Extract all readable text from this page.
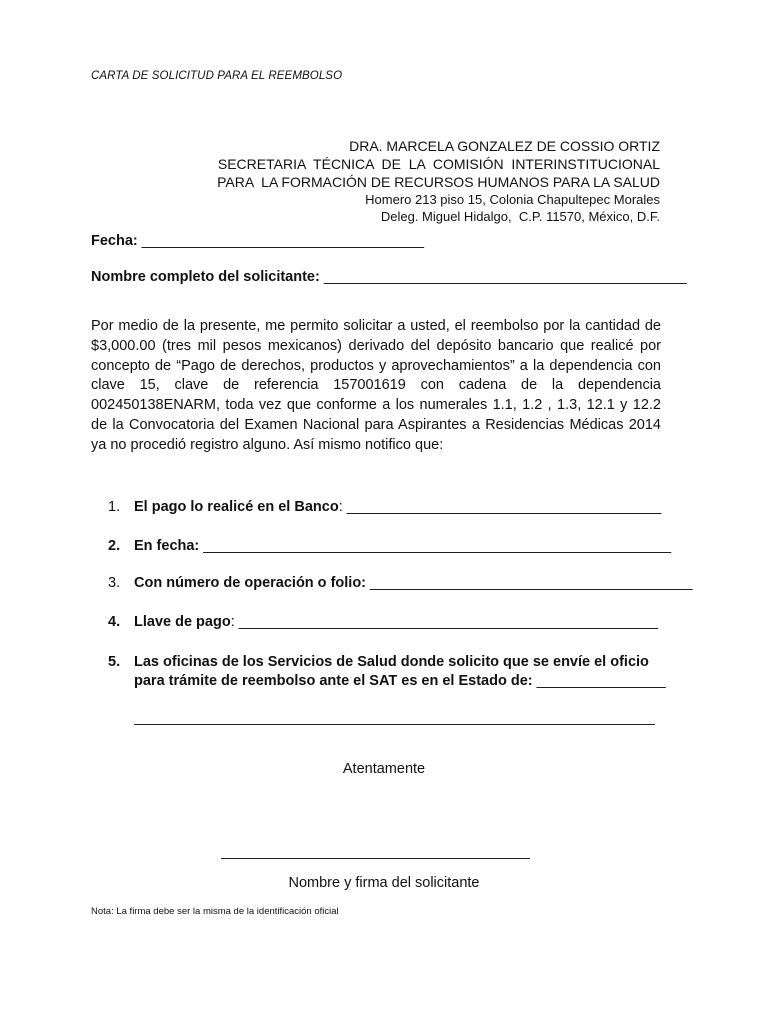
CARTA DE SOLICITUD PARA EL REEMBOLSO
DRA. MARCELA GONZALEZ DE COSSIO ORTIZ
SECRETARIA  TÉCNICA  DE  LA  COMISIÓN  INTERINSTITUCIONAL
PARA  LA FORMACIÓN DE RECURSOS HUMANOS PARA LA SALUD
Homero 213 piso 15, Colonia Chapultepec Morales
Deleg. Miguel Hidalgo,  C.P. 11570, México, D.F.
Fecha: ___________________________________
Nombre completo del solicitante: _____________________________________________
Por medio de la presente, me permito solicitar a usted, el reembolso por la cantidad de $3,000.00 (tres mil pesos mexicanos) derivado del depósito bancario que realicé por concepto de “Pago de derechos, productos y aprovechamientos” a la dependencia con clave 15, clave de referencia 157001619 con cadena de la dependencia 002450138ENARM, toda vez que conforme a los numerales 1.1, 1.2 , 1.3, 12.1 y 12.2 de la Convocatoria del Examen Nacional para Aspirantes a Residencias Médicas 2014 ya no procedió registro alguno. Así mismo notifico que:
1. El pago lo realicé en el Banco: _______________________________________
2. En fecha: __________________________________________________________
3. Con número de operación o folio: ________________________________________
4. Llave de pago: ____________________________________________________
5. Las oficinas de los Servicios de Salud donde solicito que se envíe el oficio
para trámite de reembolso ante el SAT es en el Estado de: ________________
Atentamente
Nombre y firma del solicitante
Nota: La firma debe ser la misma de la identificación oficial
